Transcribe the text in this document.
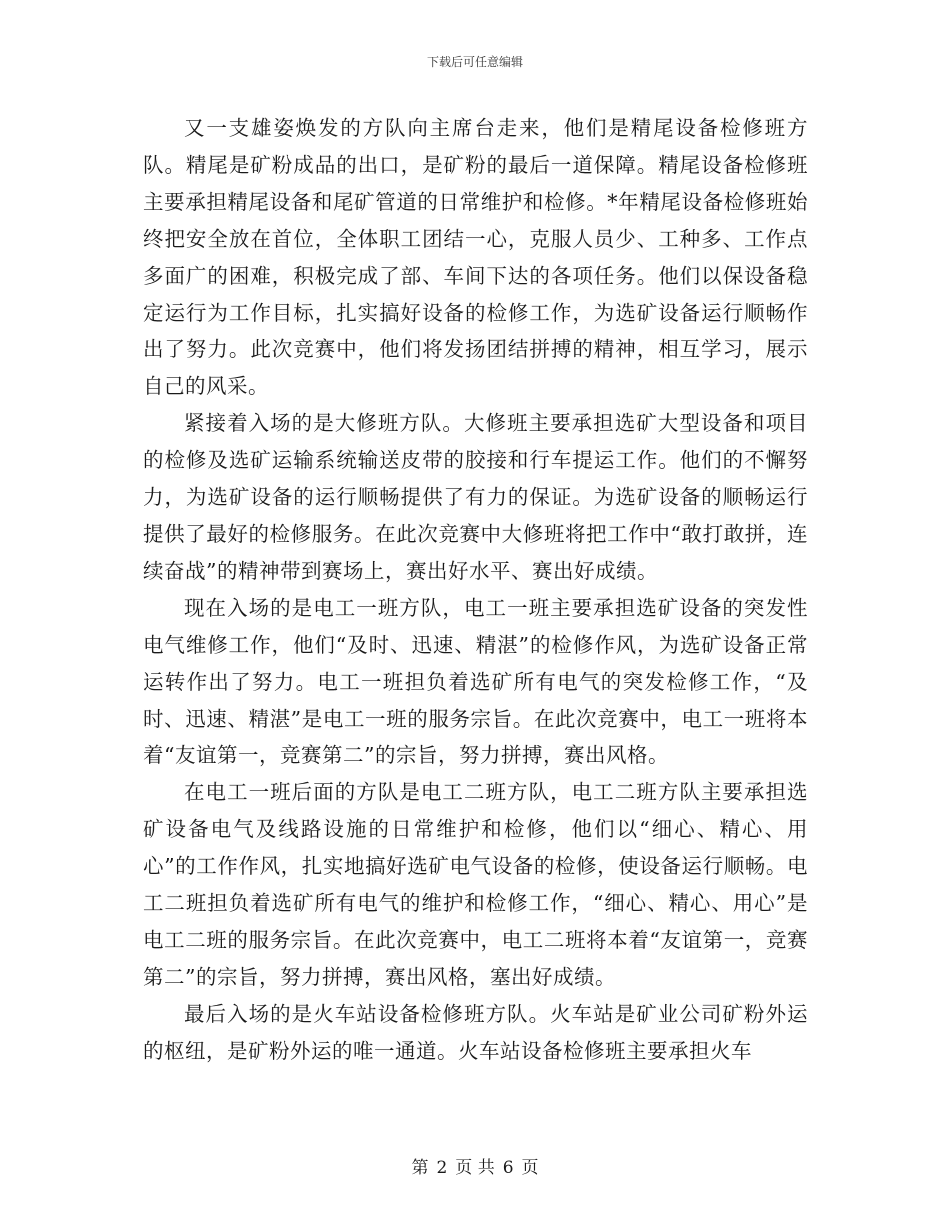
下载后可任意编辑

又一支雄姿焕发的方队向主席台走来，他们是精尾设备检修班方队。精尾是矿粉成品的出口，是矿粉的最后一道保障。精尾设备检修班主要承担精尾设备和尾矿管道的日常维护和检修。*年精尾设备检修班始终把安全放在首位，全体职工团结一心，克服人员少、工种多、工作点多面广的困难，积极完成了部、车间下达的各项任务。他们以保设备稳定运行为工作目标，扎实搞好设备的检修工作，为选矿设备运行顺畅作出了努力。此次竞赛中，他们将发扬团结拼搏的精神，相互学习，展示自己的风采。

紧接着入场的是大修班方队。大修班主要承担选矿大型设备和项目的检修及选矿运输系统输送皮带的胶接和行车提运工作。他们的不懈努力，为选矿设备的运行顺畅提供了有力的保证。为选矿设备的顺畅运行提供了最好的检修服务。在此次竞赛中大修班将把工作中“敢打敢拼，连续奋战”的精神带到赛场上，赛出好水平、赛出好成绩。

现在入场的是电工一班方队，电工一班主要承担选矿设备的突发性电气维修工作，他们“及时、迅速、精湛”的检修作风，为选矿设备正常运转作出了努力。电工一班担负着选矿所有电气的突发检修工作，“及时、迅速、精湛”是电工一班的服务宗旨。在此次竞赛中，电工一班将本着“友谊第一，竞赛第二”的宗旨，努力拼搏，赛出风格。

在电工一班后面的方队是电工二班方队，电工二班方队主要承担选矿设备电气及线路设施的日常维护和检修，他们以“细心、精心、用心”的工作作风，扎实地搞好选矿电气设备的检修，使设备运行顺畅。电工二班担负着选矿所有电气的维护和检修工作，“细心、精心、用心”是电工二班的服务宗旨。在此次竞赛中，电工二班将本着“友谊第一，竞赛第二”的宗旨，努力拼搏，赛出风格，塞出好成绩。

最后入场的是火车站设备检修班方队。火车站是矿业公司矿粉外运的枢纽，是矿粉外运的唯一通道。火车站设备检修班主要承担火车

第 2 页 共 6 页
